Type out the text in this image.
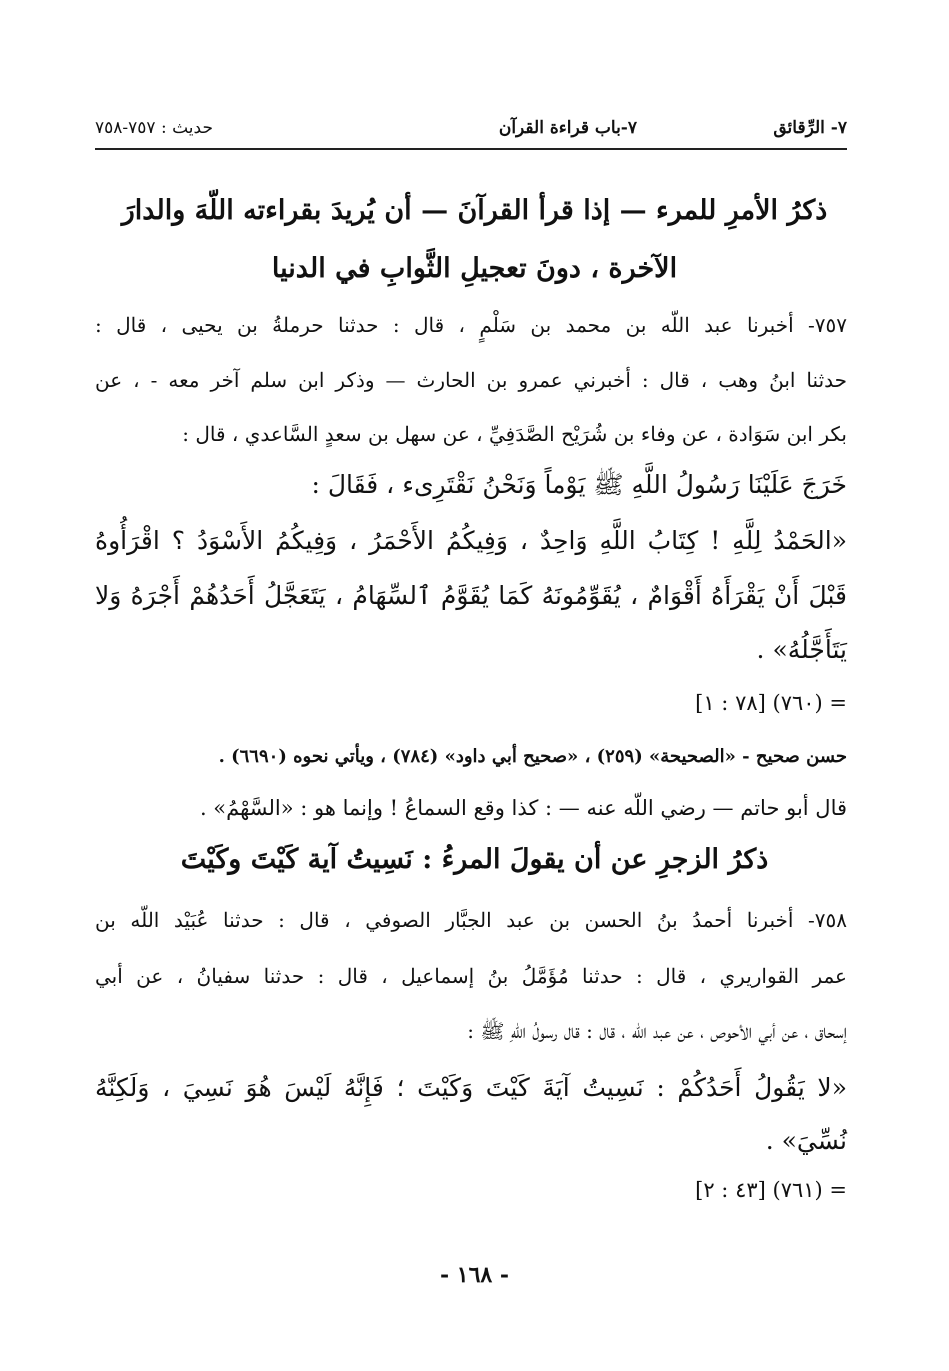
٧- الرِّقائق
٧-باب قراءة القرآن
حديث : ٧٥٧-٧٥٨
ذكرُ الأمرِ للمرء — إذا قرأ القرآنَ — أن يُريدَ بقراءته اللّهَ والدارَ
الآخرة ، دونَ تعجيلِ الثَّوابِ في الدنيا
٧٥٧- أخبرنا عبد اللّه بن محمد بن سَلْمٍ ، قال : حدثنا حرملةُ بن يحيى ، قال :
حدثنا ابنُ وهب ، قال : أخبرني عمرو بن الحارث — وذكر ابن سلم آخر معه - ، عن
بكر ابن سَوَادة ، عن وفاء بن شُرَيْح الصَّدَفِيِّ ، عن سهل بن سعدٍ السَّاعدي ، قال :
خَرَجَ عَلَيْنَا رَسُولُ اللَّهِ ﷺ يَوْماً وَنَحْنُ نَقْتَرِىء ، فَقَالَ :
«الحَمْدُ لِلَّهِ ! كِتَابُ اللَّهِ وَاحِدٌ ، وَفِيكُمُ الأَحْمَرُ ، وَفِيكُمُ الأَسْوَدُ ؟ اقْرَأُوهُ
قَبْلَ أَنْ يَقْرَأَهُ أَقْوَامٌ ، يُقَوِّمُونَهُ كَمَا يُقَوَّمُ ٱلسِّهَامُ ، يَتَعَجَّلُ أَحَدُهُمْ أَجْرَهُ وَلا
يَتَأَجَّلُهُ» .
= (٧٦٠) [٧٨ : ١]
حسن صحيح - «الصحيحة» (٢٥٩) ، «صحيح أبي داود» (٧٨٤) ، ويأتي نحوه (٦٦٩٠) .
قال أبو حاتم — رضي اللّه عنه — : كذا وقع السماعُ ! وإنما هو : «السَّهْمُ» .
ذكرُ الزجرِ عن أن يقولَ المرءُ : نَسِيتُ آية كَيْتَ وكَيْتَ
٧٥٨- أخبرنا أحمدُ بنُ الحسن بن عبد الجبَّار الصوفي ، قال : حدثنا عُبَيْد اللّه بن
عمر القواريري ، قال : حدثنا مُؤَمَّلُ بنُ إسماعيل ، قال : حدثنا سفيانُ ، عن أبي
إسحاق ، عن أبي الأحوص ، عن عبد اللّه ، قال : قال رسولُ اللّهِ ﷺ :
«لا يَقُولُ أَحَدُكُمْ : نَسِيتُ آيَةَ كَيْتَ وَكَيْتَ ؛ فَإِنَّهُ لَيْسَ هُوَ نَسِيَ ، وَلَكِنَّهُ
نُسِّيَ» .
= (٧٦١) [٤٣ : ٢]
- ١٦٨ -
